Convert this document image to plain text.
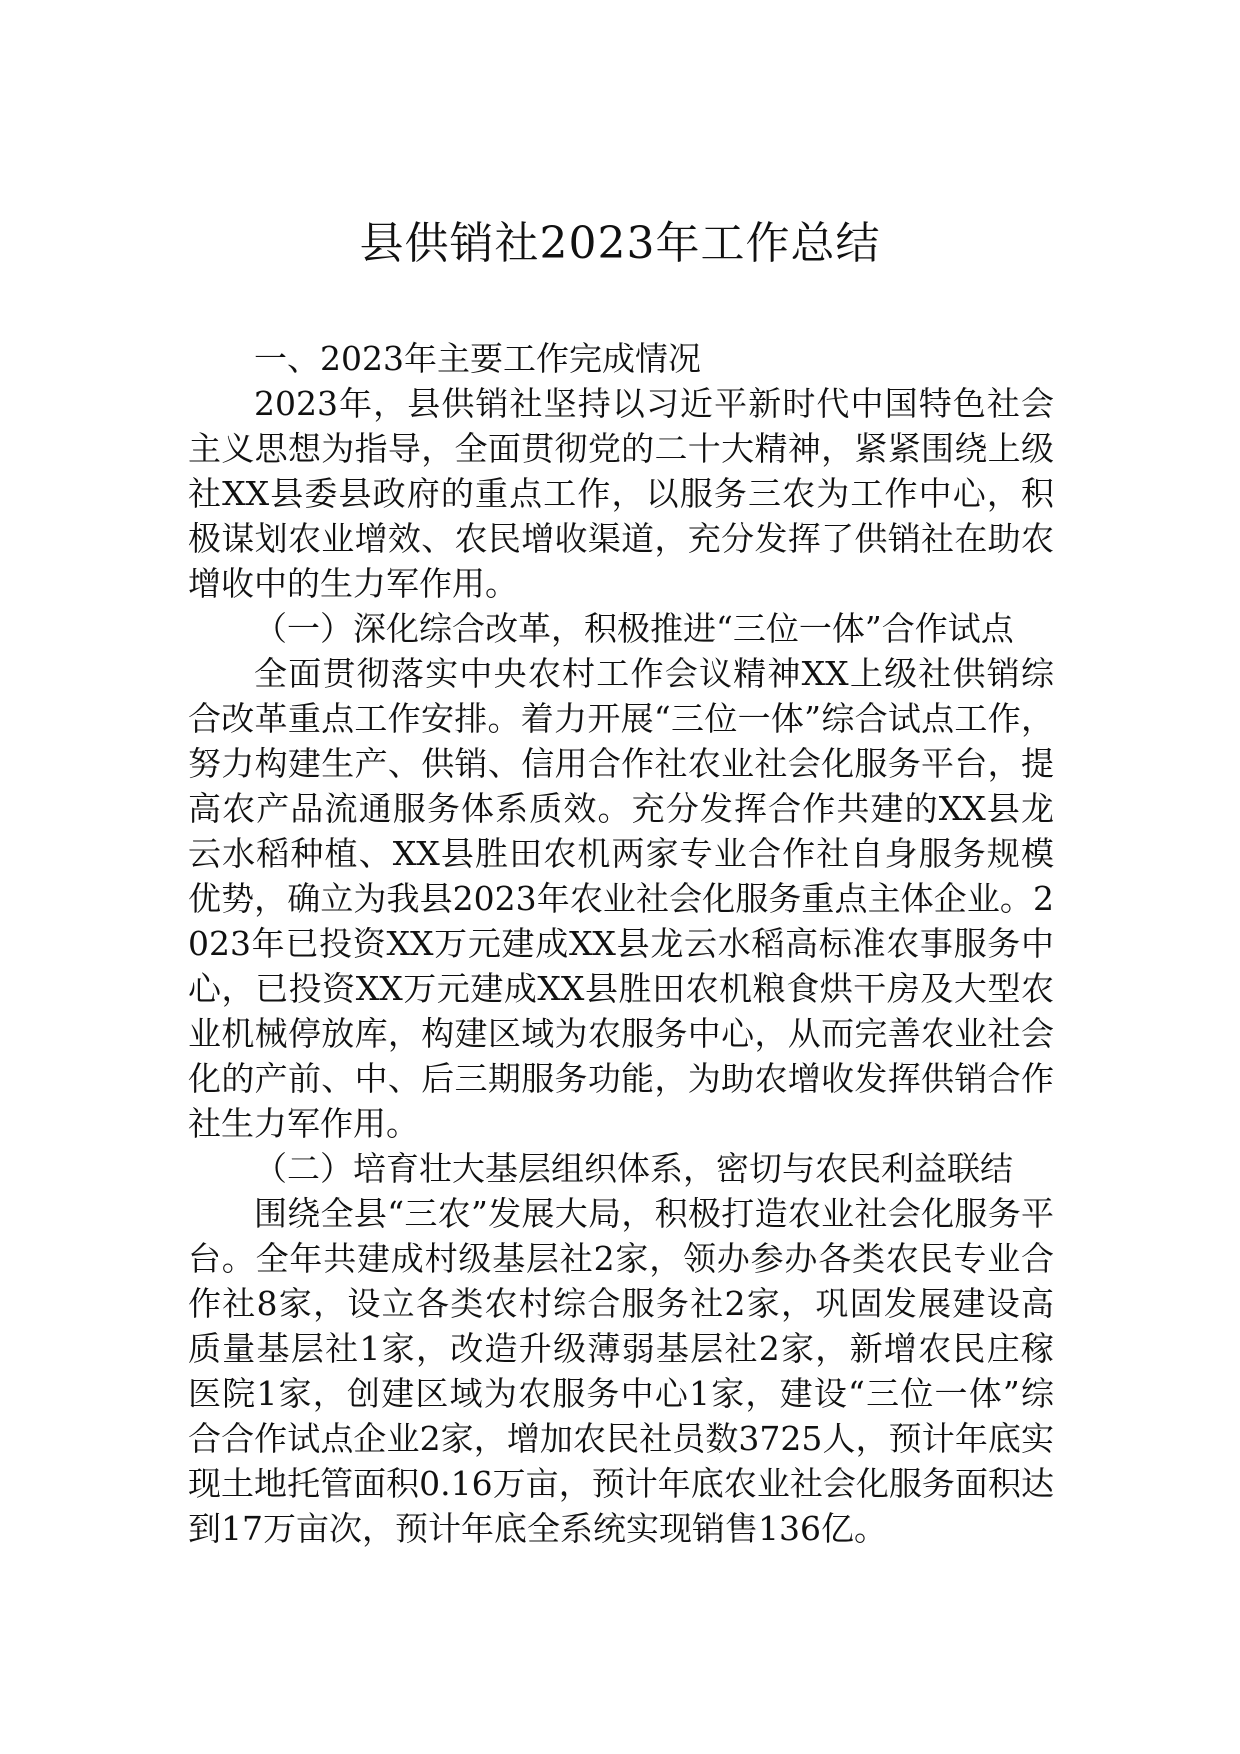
县供销社2023年工作总结

一、2023年主要工作完成情况

2023年，县供销社坚持以习近平新时代中国特色社会主义思想为指导，全面贯彻党的二十大精神，紧紧围绕上级社XX县委县政府的重点工作，以服务三农为工作中心，积极谋划农业增效、农民增收渠道，充分发挥了供销社在助农增收中的生力军作用。

（一）深化综合改革，积极推进“三位一体”合作试点

全面贯彻落实中央农村工作会议精神XX上级社供销综合改革重点工作安排。着力开展“三位一体”综合试点工作，努力构建生产、供销、信用合作社农业社会化服务平台，提高农产品流通服务体系质效。充分发挥合作共建的XX县龙云水稻种植、XX县胜田农机两家专业合作社自身服务规模优势，确立为我县2023年农业社会化服务重点主体企业。2023年已投资XX万元建成XX县龙云水稻高标准农事服务中心，已投资XX万元建成XX县胜田农机粮食烘干房及大型农业机械停放库，构建区域为农服务中心，从而完善农业社会化的产前、中、后三期服务功能，为助农增收发挥供销合作社生力军作用。

（二）培育壮大基层组织体系，密切与农民利益联结

围绕全县“三农”发展大局，积极打造农业社会化服务平台。全年共建成村级基层社2家，领办参办各类农民专业合作社8家，设立各类农村综合服务社2家，巩固发展建设高质量基层社1家，改造升级薄弱基层社2家，新增农民庄稼医院1家，创建区域为农服务中心1家，建设“三位一体”综合合作试点企业2家，增加农民社员数3725人，预计年底实现土地托管面积0.16万亩，预计年底农业社会化服务面积达到17万亩次，预计年底全系统实现销售136亿。
